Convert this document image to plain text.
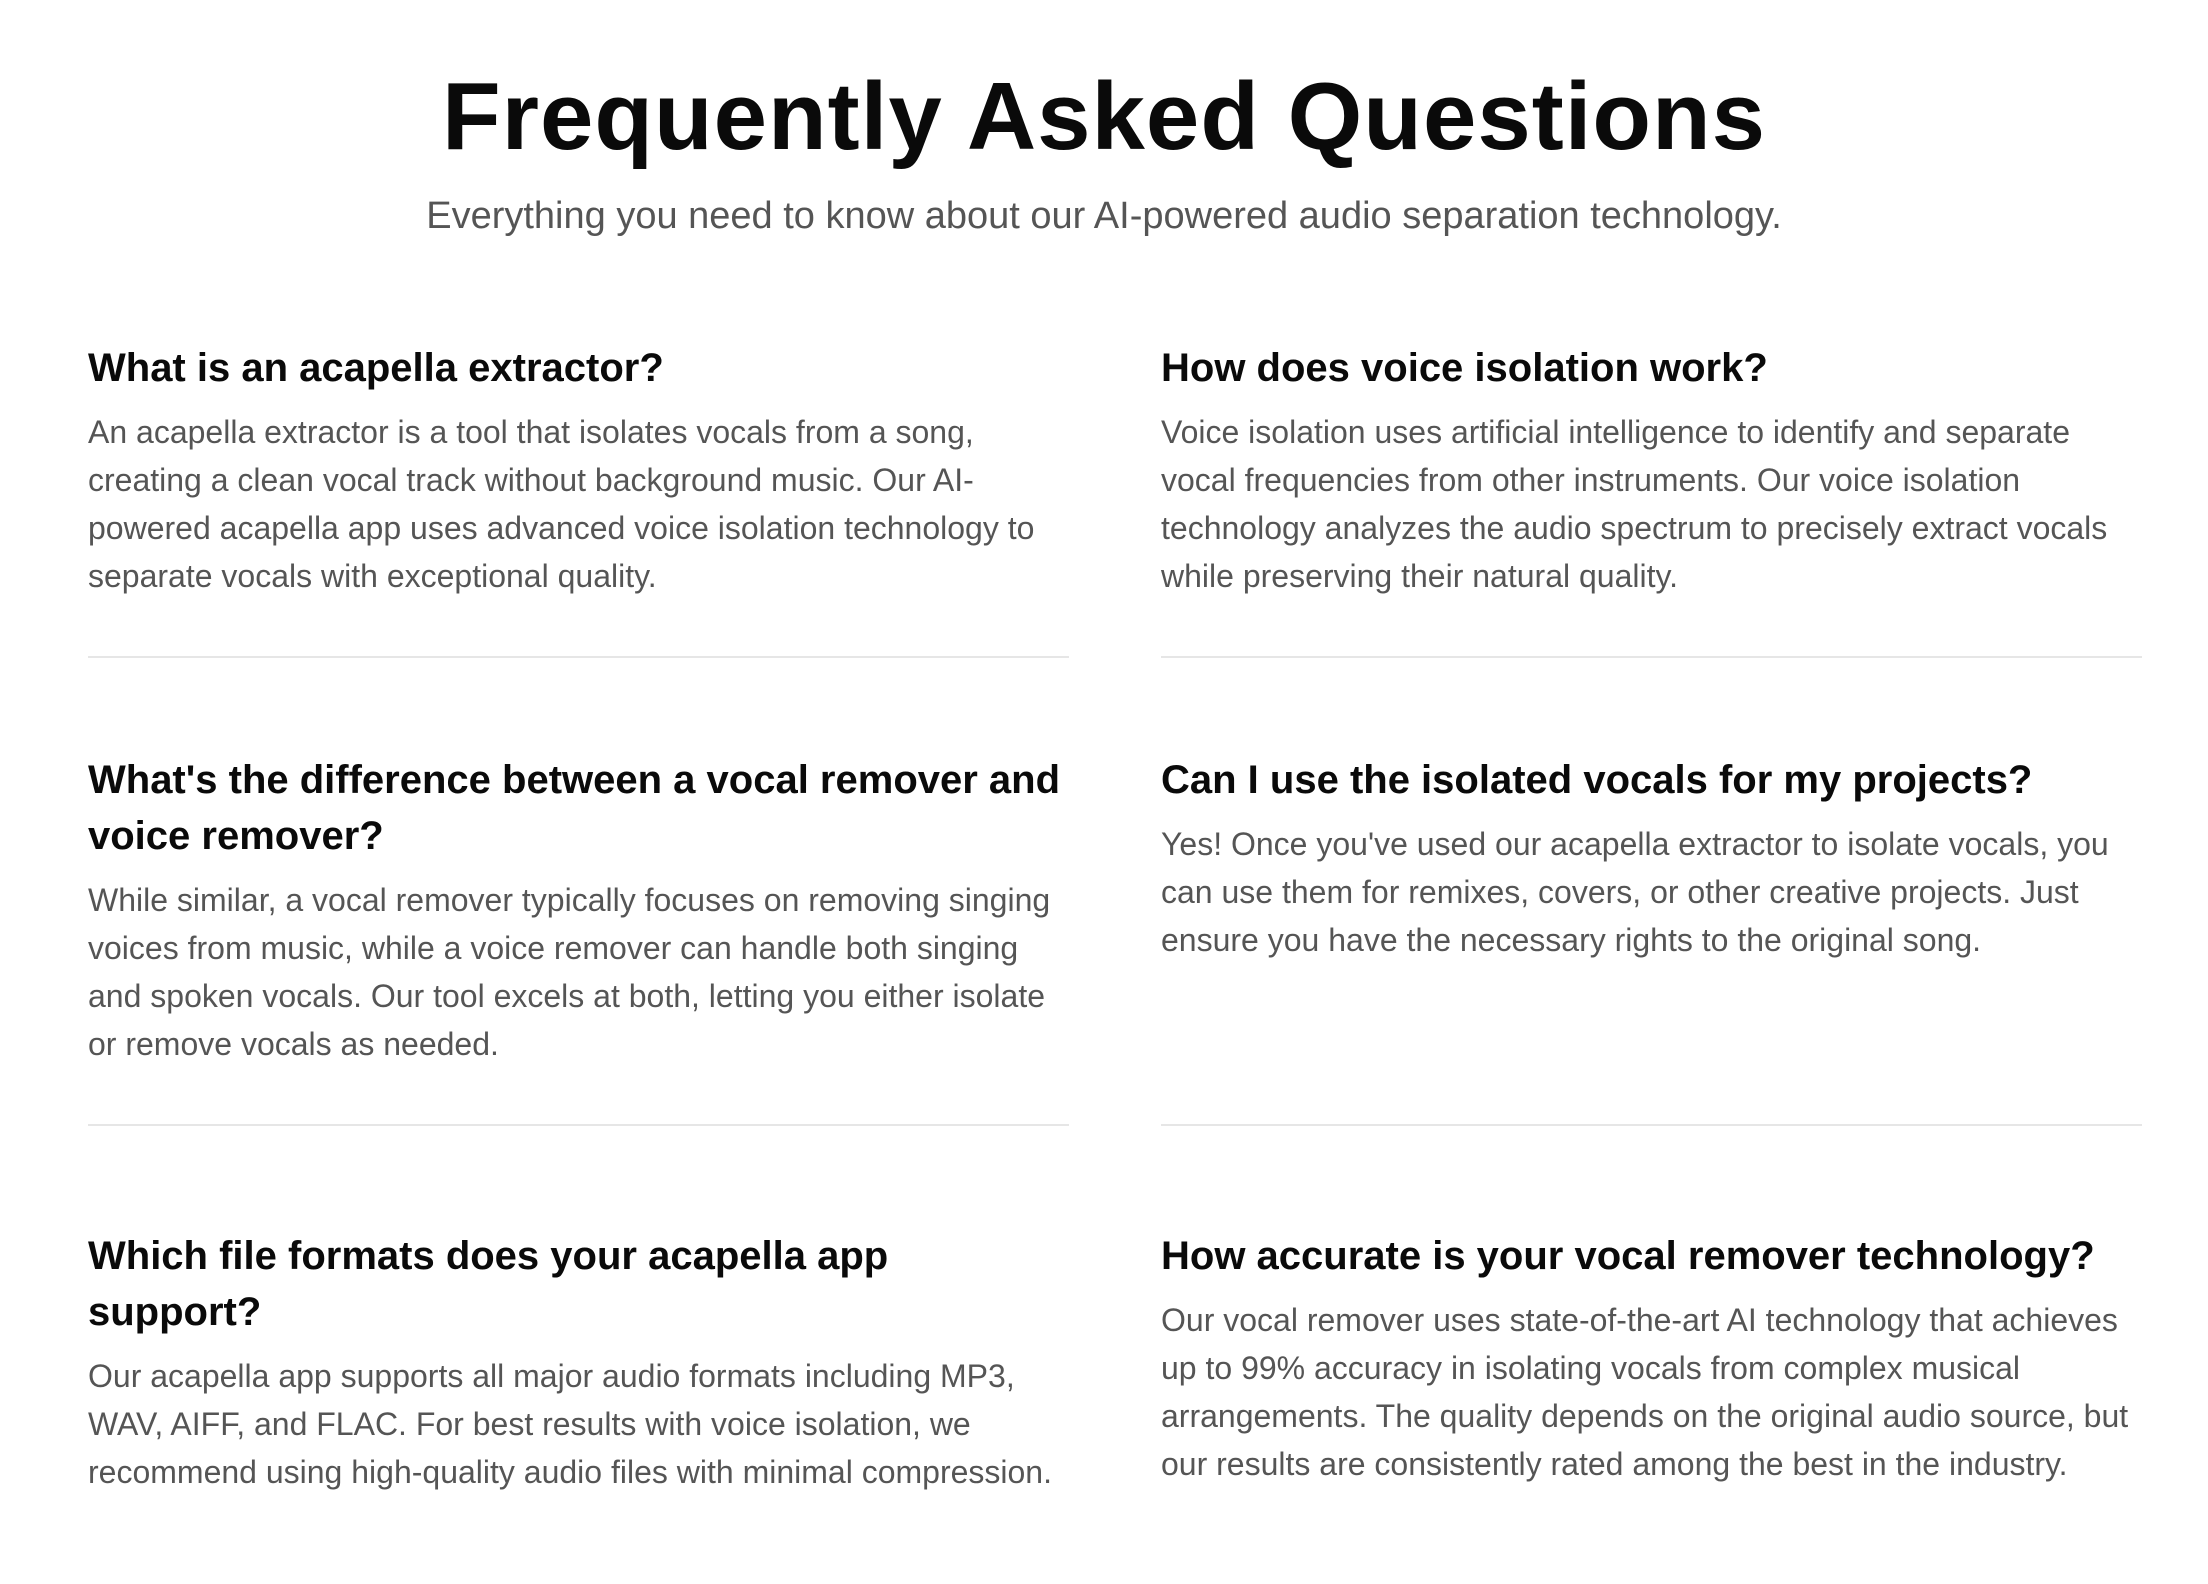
Frequently Asked Questions

Everything you need to know about our AI-powered audio separation technology.

What is an acapella extractor?

An acapella extractor is a tool that isolates vocals from a song, creating a clean vocal track without background music. Our AI-powered acapella app uses advanced voice isolation technology to separate vocals with exceptional quality.

How does voice isolation work?

Voice isolation uses artificial intelligence to identify and separate vocal frequencies from other instruments. Our voice isolation technology analyzes the audio spectrum to precisely extract vocals while preserving their natural quality.

What's the difference between a vocal remover and voice remover?

While similar, a vocal remover typically focuses on removing singing voices from music, while a voice remover can handle both singing and spoken vocals. Our tool excels at both, letting you either isolate or remove vocals as needed.

Can I use the isolated vocals for my projects?

Yes! Once you've used our acapella extractor to isolate vocals, you can use them for remixes, covers, or other creative projects. Just ensure you have the necessary rights to the original song.

Which file formats does your acapella app support?

Our acapella app supports all major audio formats including MP3, WAV, AIFF, and FLAC. For best results with voice isolation, we recommend using high-quality audio files with minimal compression.

How accurate is your vocal remover technology?

Our vocal remover uses state-of-the-art AI technology that achieves up to 99% accuracy in isolating vocals from complex musical arrangements. The quality depends on the original audio source, but our results are consistently rated among the best in the industry.
